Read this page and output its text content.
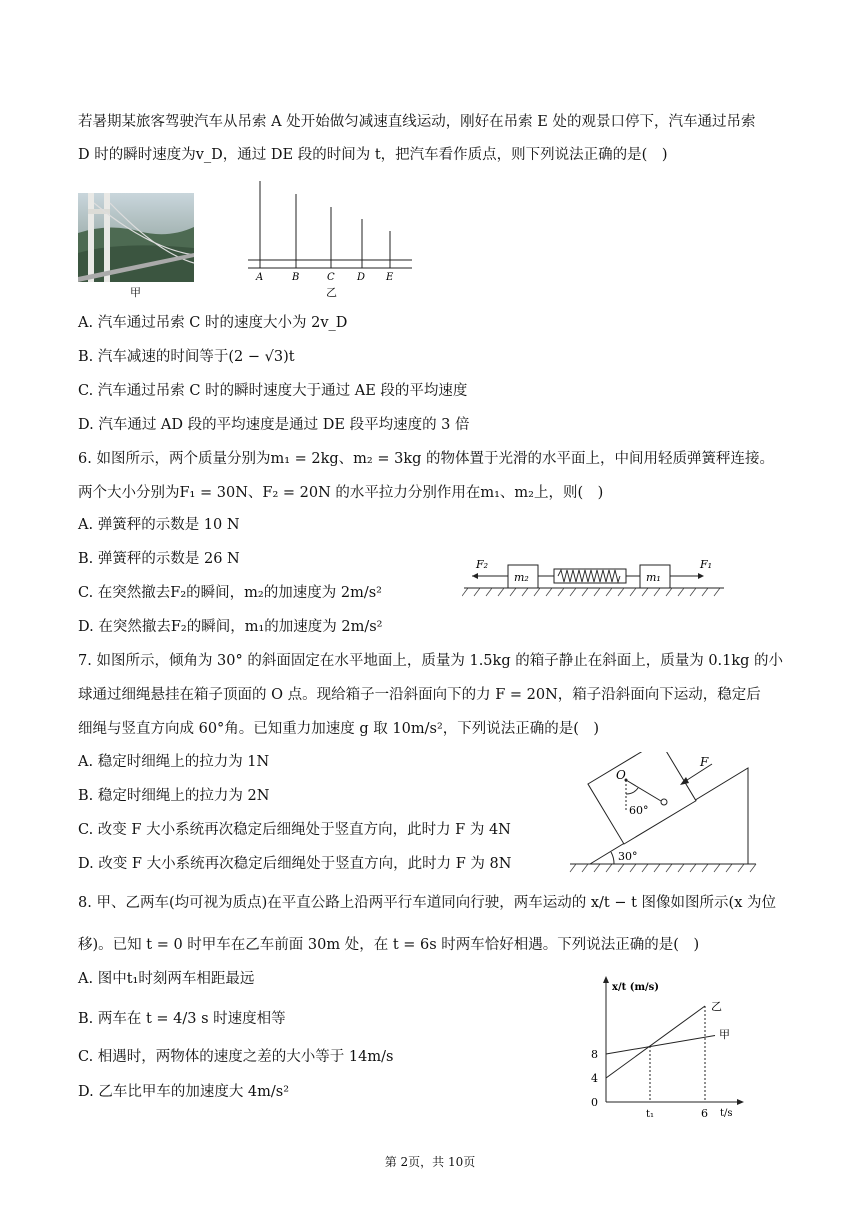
若暑期某旅客驾驶汽车从吊索 A 处开始做匀减速直线运动，刚好在吊索 E 处的观景口停下，汽车通过吊索
D 时的瞬时速度为v_D，通过 DE 段的时间为 t，把汽车看作质点，则下列说法正确的是(　)
甲
A	B	C D E
乙
A. 汽车通过吊索 C 时的速度大小为 2v_D
B. 汽车减速的时间等于(2 − √3)t
C. 汽车通过吊索 C 时的瞬时速度大于通过 AE 段的平均速度
D. 汽车通过 AD 段的平均速度是通过 DE 段平均速度的 3 倍
6. 如图所示，两个质量分别为m₁ = 2kg、m₂ = 3kg 的物体置于光滑的水平面上，中间用轻质弹簧秤连接。
两个大小分别为F₁ = 30N、F₂ = 20N 的水平拉力分别作用在m₁、m₂上，则(　)
A. 弹簧秤的示数是 10 N
B. 弹簧秤的示数是 26 N
C. 在突然撤去F₂的瞬间，m₂的加速度为 2m/s²
D. 在突然撤去F₂的瞬间，m₁的加速度为 2m/s²
m₂	m₁
F₂	F₁
7. 如图所示，倾角为 30° 的斜面固定在水平地面上，质量为 1.5kg 的箱子静止在斜面上，质量为 0.1kg 的小
球通过细绳悬挂在箱子顶面的 O 点。现给箱子一沿斜面向下的力 F = 20N，箱子沿斜面向下运动，稳定后
细绳与竖直方向成 60°角。已知重力加速度 g 取 10m/s²，下列说法正确的是(　)
A. 稳定时细绳上的拉力为 1N
B. 稳定时细绳上的拉力为 2N
C. 改变 F 大小系统再次稳定后细绳处于竖直方向，此时力 F 为 4N
D. 改变 F 大小系统再次稳定后细绳处于竖直方向，此时力 F 为 8N	30°
60°
O
F
8. 甲、乙两车(均可视为质点)在平直公路上沿两平行车道同向行驶，两车运动的 x/t − t 图像如图所示(x 为位
移)。已知 t = 0 时甲车在乙车前面 30m 处，在 t = 6s 时两车恰好相遇。下列说法正确的是(　)
A. 图中t₁时刻两车相距最远
B. 两车在 t = 4/3 s 时速度相等
C. 相遇时，两物体的速度之差的大小等于 14m/s
D. 乙车比甲车的加速度大 4m/s²
x/t (m/s)
t/s
0
4
8
t₁	6
甲
乙
第 2页，共 10页
